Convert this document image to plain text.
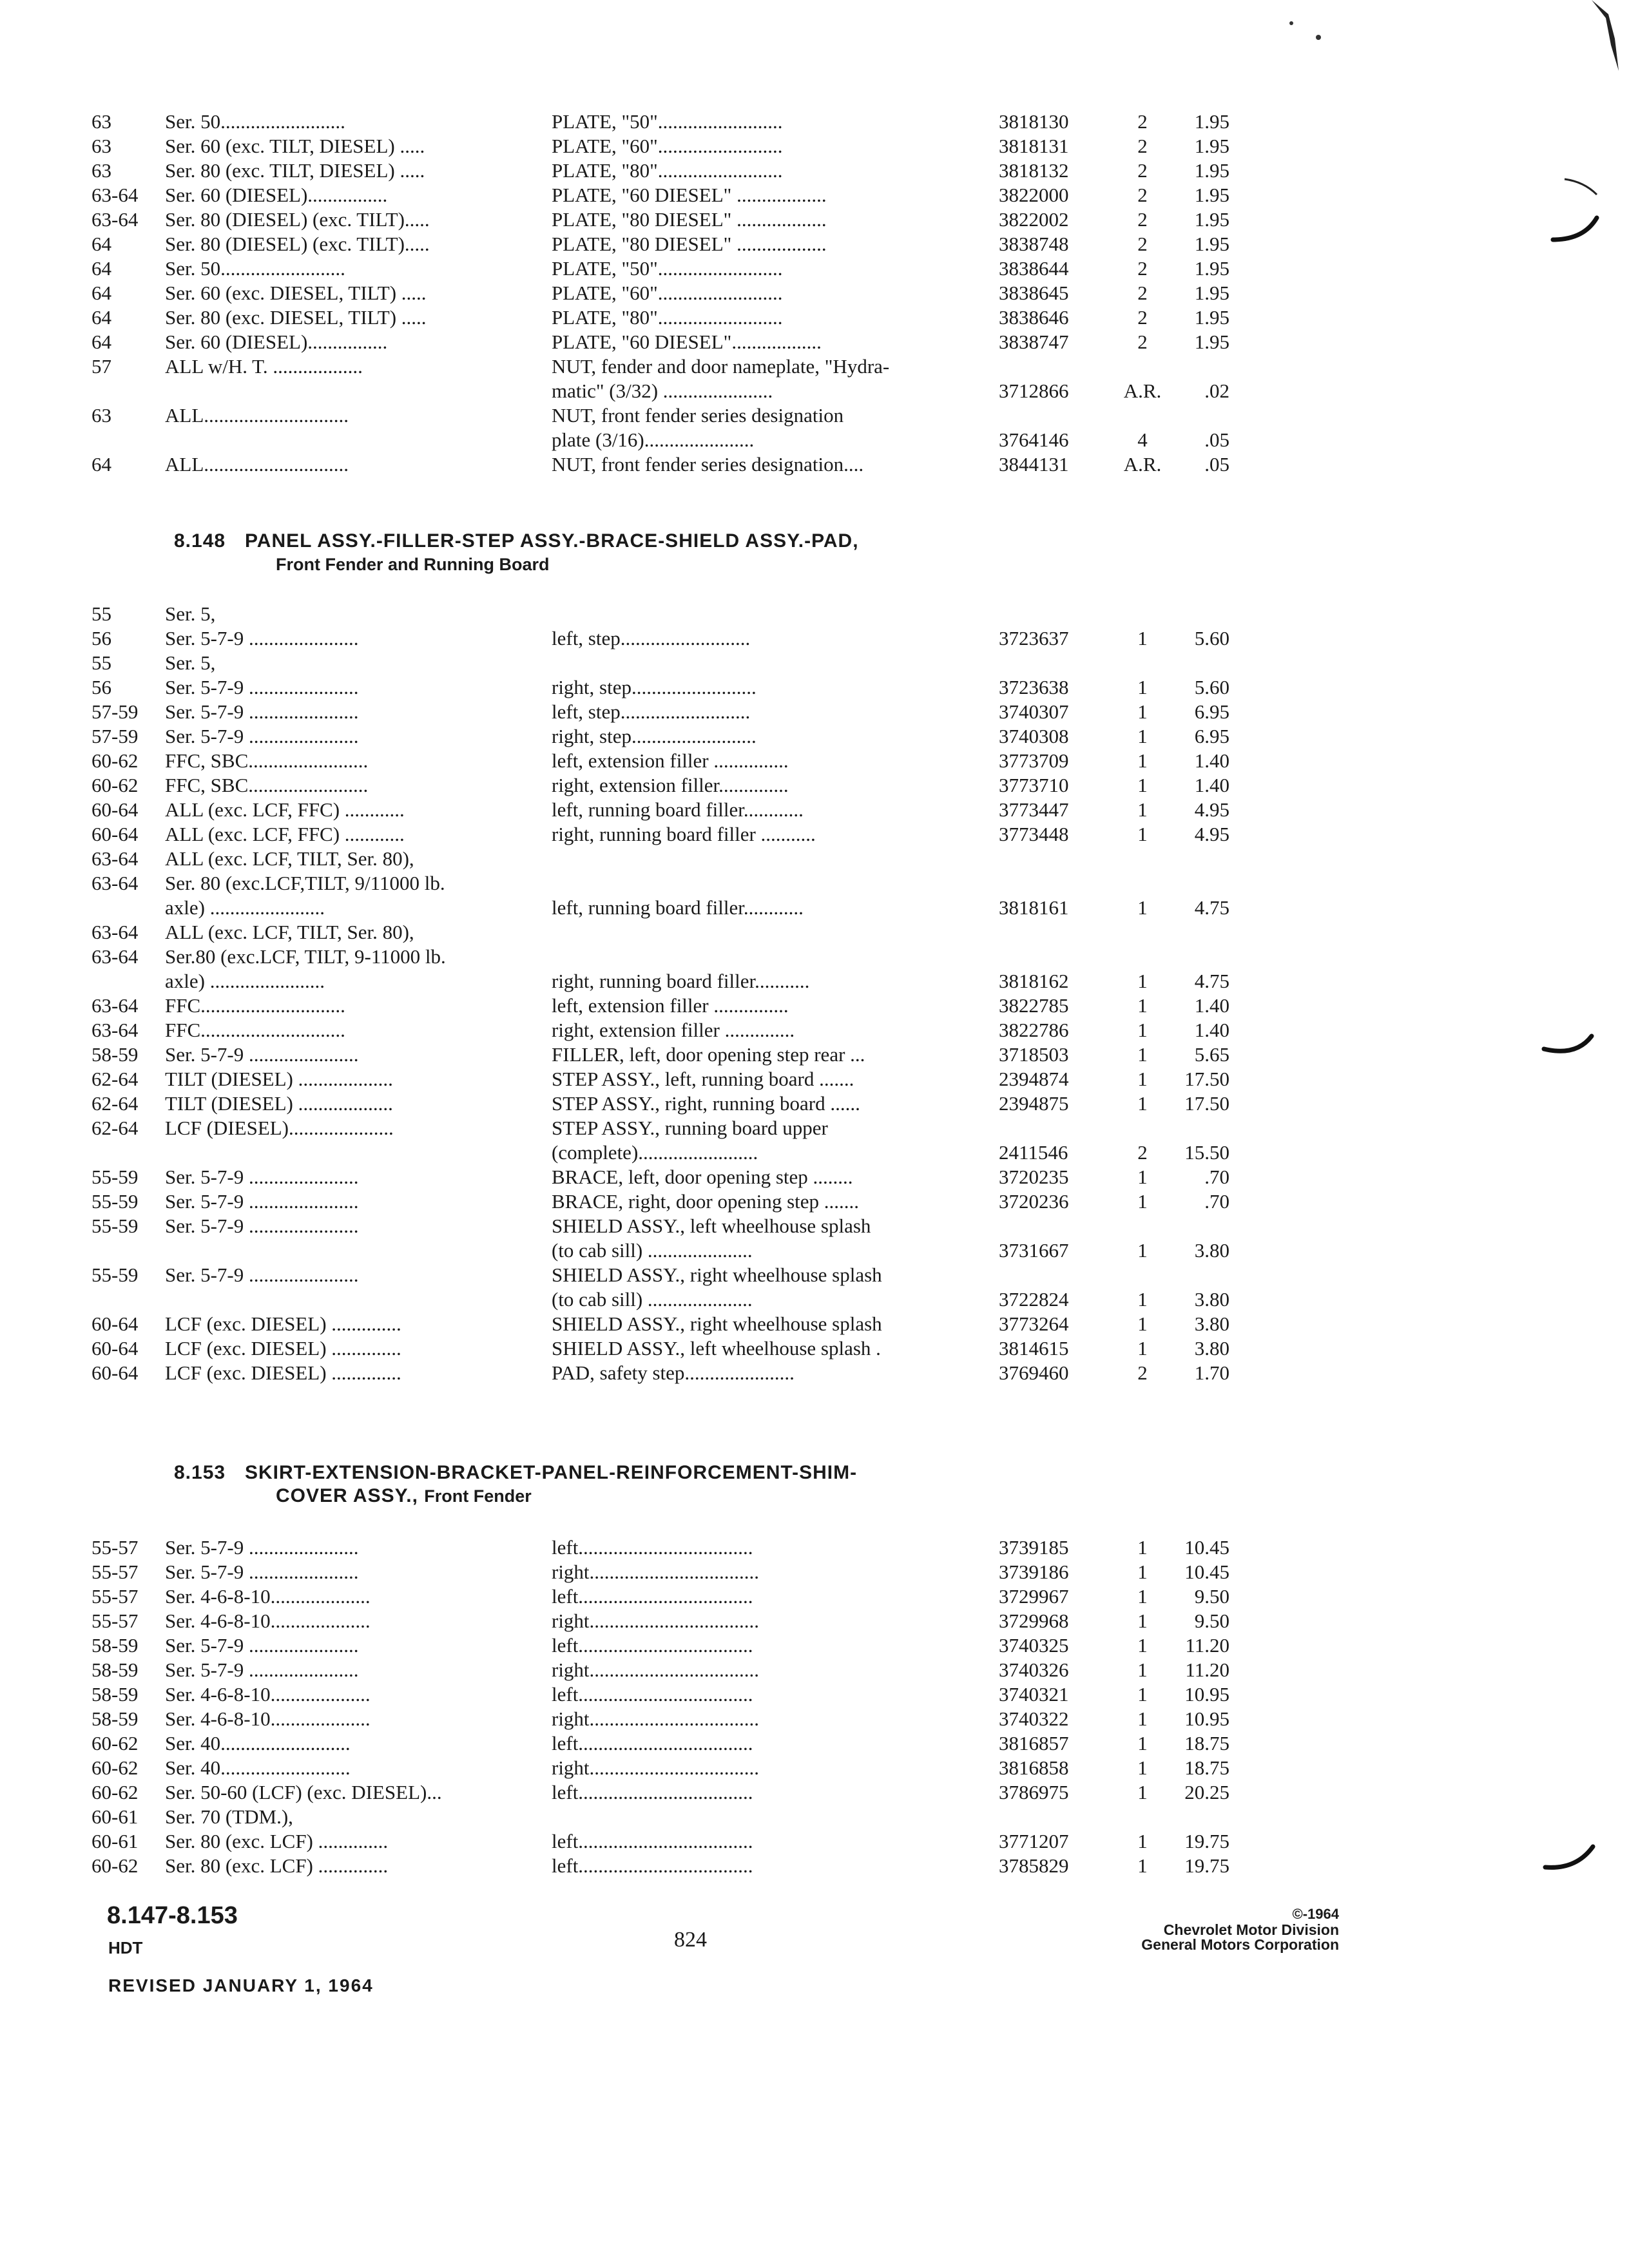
63	Ser. 50.........................	PLATE, "50".........................	3818130	2	1.95
63	Ser. 60 (exc. TILT, DIESEL) .....	PLATE, "60".........................	3818131	2	1.95
63	Ser. 80 (exc. TILT, DIESEL) .....	PLATE, "80".........................	3818132	2	1.95
63-64	Ser. 60 (DIESEL)................	PLATE, "60 DIESEL" ..................	3822000	2	1.95
63-64	Ser. 80 (DIESEL) (exc. TILT).....	PLATE, "80 DIESEL" ..................	3822002	2	1.95
64	Ser. 80 (DIESEL) (exc. TILT).....	PLATE, "80 DIESEL" ..................	3838748	2	1.95
64	Ser. 50.........................	PLATE, "50".........................	3838644	2	1.95
64	Ser. 60 (exc. DIESEL, TILT) .....	PLATE, "60".........................	3838645	2	1.95
64	Ser. 80 (exc. DIESEL, TILT) .....	PLATE, "80".........................	3838646	2	1.95
64	Ser. 60 (DIESEL)................	PLATE, "60 DIESEL"..................	3838747	2	1.95
57	ALL w/H. T. ..................	NUT, fender and door nameplate, "Hydra-
matic" (3/32) ......................	3712866	A.R.	.02
63	ALL.............................	NUT, front fender series designation
plate (3/16)......................	3764146	4	.05
64	ALL.............................	NUT, front fender series designation....	3844131	A.R.	.05
8.148 PANEL ASSY.-FILLER-STEP ASSY.-BRACE-SHIELD ASSY.-PAD,
Front Fender and Running Board
55	Ser. 5,
56	Ser. 5-7-9 ......................	left, step..........................	3723637	1	5.60
55	Ser. 5,
56	Ser. 5-7-9 ......................	right, step.........................	3723638	1	5.60
57-59	Ser. 5-7-9 ......................	left, step..........................	3740307	1	6.95
57-59	Ser. 5-7-9 ......................	right, step.........................	3740308	1	6.95
60-62	FFC, SBC........................	left, extension filler ...............	3773709	1	1.40
60-62	FFC, SBC........................	right, extension filler..............	3773710	1	1.40
60-64	ALL (exc. LCF, FFC) ............	left, running board filler............	3773447	1	4.95
60-64	ALL (exc. LCF, FFC) ............	right, running board filler ...........	3773448	1	4.95
63-64	ALL (exc. LCF, TILT, Ser. 80),
63-64	Ser. 80 (exc.LCF,TILT, 9/11000 lb.
axle) .......................	left, running board filler............	3818161	1	4.75
63-64	ALL (exc. LCF, TILT, Ser. 80),
63-64	Ser.80 (exc.LCF, TILT, 9-11000 lb.
axle) .......................	right, running board filler...........	3818162	1	4.75
63-64	FFC.............................	left, extension filler ...............	3822785	1	1.40
63-64	FFC.............................	right, extension filler ..............	3822786	1	1.40
58-59	Ser. 5-7-9 ......................	FILLER, left, door opening step rear ...	3718503	1	5.65
62-64	TILT (DIESEL) ...................	STEP ASSY., left, running board .......	2394874	1	17.50
62-64	TILT (DIESEL) ...................	STEP ASSY., right, running board ......	2394875	1	17.50
62-64	LCF (DIESEL).....................	STEP ASSY., running board upper
(complete)........................	2411546	2	15.50
55-59	Ser. 5-7-9 ......................	BRACE, left, door opening step ........	3720235	1	.70
55-59	Ser. 5-7-9 ......................	BRACE, right, door opening step .......	3720236	1	.70
55-59	Ser. 5-7-9 ......................	SHIELD ASSY., left wheelhouse splash
(to cab sill) .....................	3731667	1	3.80
55-59	Ser. 5-7-9 ......................	SHIELD ASSY., right wheelhouse splash
(to cab sill) .....................	3722824	1	3.80
60-64	LCF (exc. DIESEL) ..............	SHIELD ASSY., right wheelhouse splash	3773264	1	3.80
60-64	LCF (exc. DIESEL) ..............	SHIELD ASSY., left wheelhouse splash .	3814615	1	3.80
60-64	LCF (exc. DIESEL) ..............	PAD, safety step......................	3769460	2	1.70
8.153 SKIRT-EXTENSION-BRACKET-PANEL-REINFORCEMENT-SHIM-
COVER ASSY., Front Fender
55-57	Ser. 5-7-9 ......................	left...................................	3739185	1	10.45
55-57	Ser. 5-7-9 ......................	right..................................	3739186	1	10.45
55-57	Ser. 4-6-8-10....................	left...................................	3729967	1	9.50
55-57	Ser. 4-6-8-10....................	right..................................	3729968	1	9.50
58-59	Ser. 5-7-9 ......................	left...................................	3740325	1	11.20
58-59	Ser. 5-7-9 ......................	right..................................	3740326	1	11.20
58-59	Ser. 4-6-8-10....................	left...................................	3740321	1	10.95
58-59	Ser. 4-6-8-10....................	right..................................	3740322	1	10.95
60-62	Ser. 40..........................	left...................................	3816857	1	18.75
60-62	Ser. 40..........................	right..................................	3816858	1	18.75
60-62	Ser. 50-60 (LCF) (exc. DIESEL)...	left...................................	3786975	1	20.25
60-61	Ser. 70 (TDM.),
60-61	Ser. 80 (exc. LCF) ..............	left...................................	3771207	1	19.75
60-62	Ser. 80 (exc. LCF) ..............	left...................................	3785829	1	19.75
8.147-8.153
HDT	824
REVISED JANUARY 1, 1964
©-1964
Chevrolet Motor Division
General Motors Corporation
